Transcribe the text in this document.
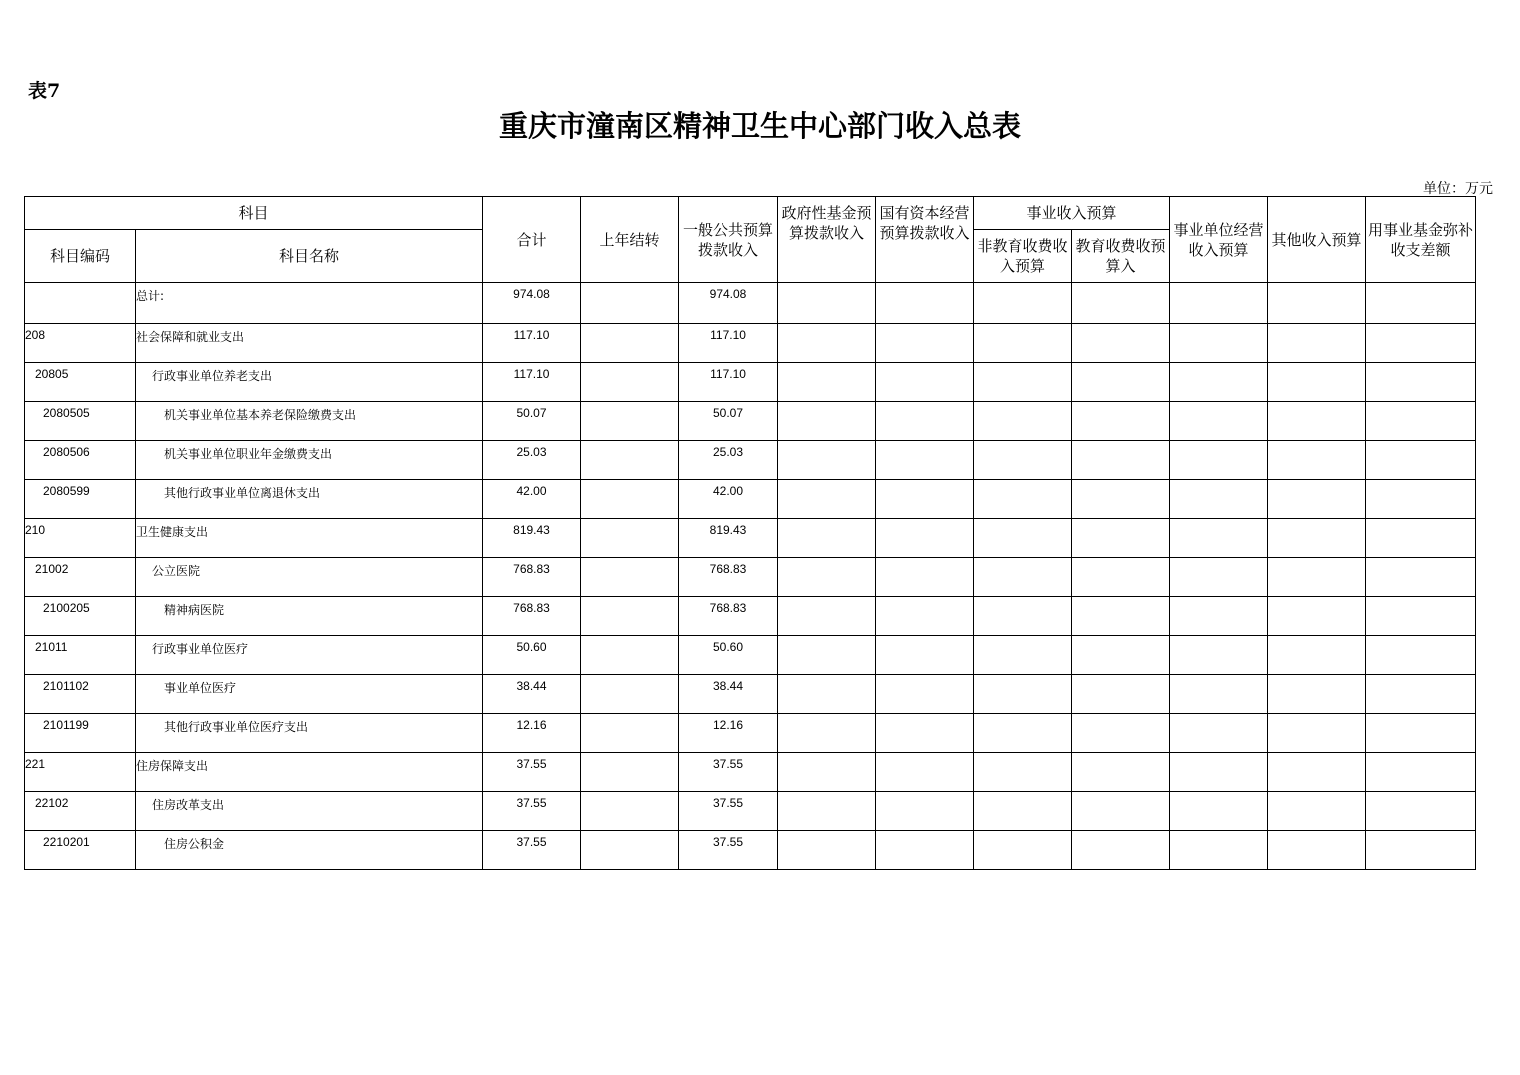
表7
重庆市潼南区精神卫生中心部门收入总表
单位：万元
科目		合计	上年结转	一般公共预算拨款收入	政府性基金预算拨款收入	国有资本经营预算拨款收入	事业收入预算		事业单位经营收入预算	其他收入预算	用事业基金弥补收支差额
科目编码	科目名称						非教育收费收入预算	教育收费收预算入			
	总计:	974.08		974.08							
208	社会保障和就业支出	117.10		117.10							
20805	行政事业单位养老支出	117.10		117.10							
2080505	机关事业单位基本养老保险缴费支出	50.07		50.07							
2080506	机关事业单位职业年金缴费支出	25.03		25.03							
2080599	其他行政事业单位离退休支出	42.00		42.00							
210	卫生健康支出	819.43		819.43							
21002	公立医院	768.83		768.83							
2100205	精神病医院	768.83		768.83							
21011	行政事业单位医疗	50.60		50.60							
2101102	事业单位医疗	38.44		38.44							
2101199	其他行政事业单位医疗支出	12.16		12.16							
221	住房保障支出	37.55		37.55							
22102	住房改革支出	37.55		37.55							
2210201	住房公积金	37.55		37.55							
